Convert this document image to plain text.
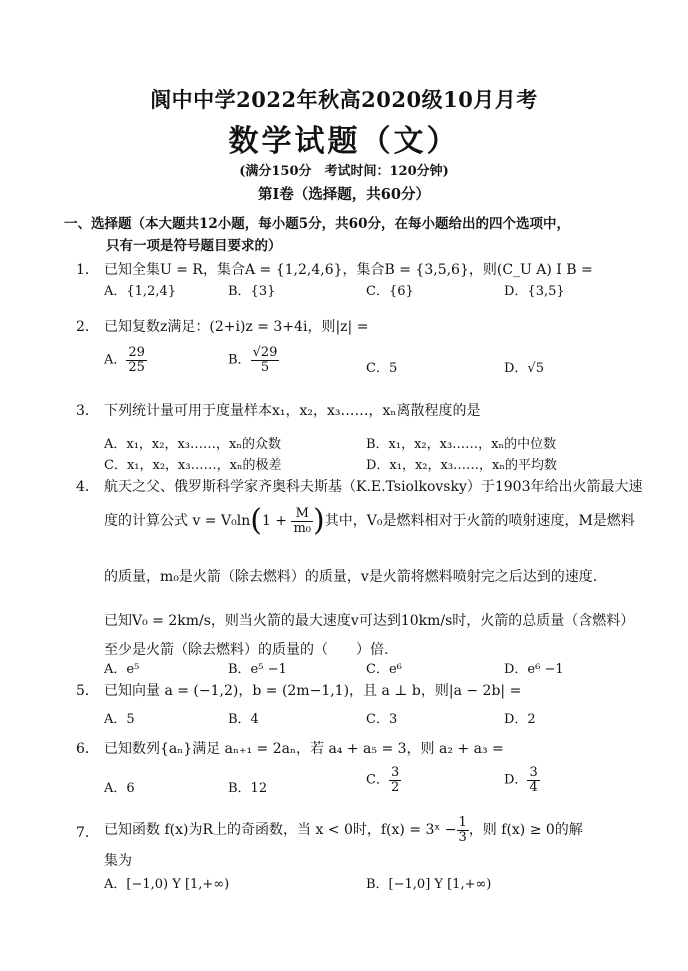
阆中中学2022年秋高2020级10月月考
数学试题（文）
(满分150分　考试时间：120分钟)
第Ⅰ卷（选择题，共60分）
一、选择题（本大题共12小题，每小题5分，共60分，在每小题给出的四个选项中，
只有一项是符号题目要求的）
1． 已知全集U = R，集合A = {1,2,4,6}，集合B = {3,5,6}，则(C_U A) I B =
A．{1,2,4}	B．{3}	C．{6}	D．{3,5}
2． 已知复数z满足：(2+i)z = 3+4i，则|z| =
A． $\frac{29}{25}$	B． $\frac{√29}{5}$	C．5	D．√5
3． 下列统计量可用于度量样本x₁，x₂，x₃……，xₙ离散程度的是
A．x₁，x₂，x₃……，xₙ的众数	B．x₁，x₂，x₃……，xₙ的中位数
C．x₁，x₂，x₃……，xₙ的极差	D．x₁，x₂，x₃……，xₙ的平均数
4． 航天之父、俄罗斯科学家齐奥科夫斯基（K.E.Tsiolkovsky）于1903年给出火箭最大速
度的计算公式 $v = V_0\ln(1 + \frac{M}{\text{m₀}}$ )其中，V₀是燃料相对于火箭的喷射速度，M是燃料
的质量，m₀是火箭（除去燃料）的质量，v是火箭将燃料喷射完之后达到的速度.
已知V₀ = 2km/s，则当火箭的最大速度v可达到10km/s时，火箭的总质量（含燃料）
至少是火箭（除去燃料）的质量的（　　）倍.
A．e⁵	B．e⁵ −1	C．e⁶	D．e⁶ −1
5． 已知向量 a = (−1,2)，b = (2m−1,1)，且 a ⊥ b，则|a − 2b| =
A．5	B．4	C．3	D．2
6． 已知数列{aₙ}满足 aₙ₊₁ = 2aₙ，若 a₄ + a₅ = 3，则 a₂ + a₃ =
A．6	B．12
C． $\frac{3}{2}$	D． $\frac{3}{4}$
7． 已知函数 f(x)为R上的奇函数，当 x < 0时，f(x) = 3ˣ − $\frac{1}{3}$ ，则 f(x) ≥ 0的解
集为
A．[−1,0) Y [1,+∞)	B．[−1,0] Y [1,+∞)
